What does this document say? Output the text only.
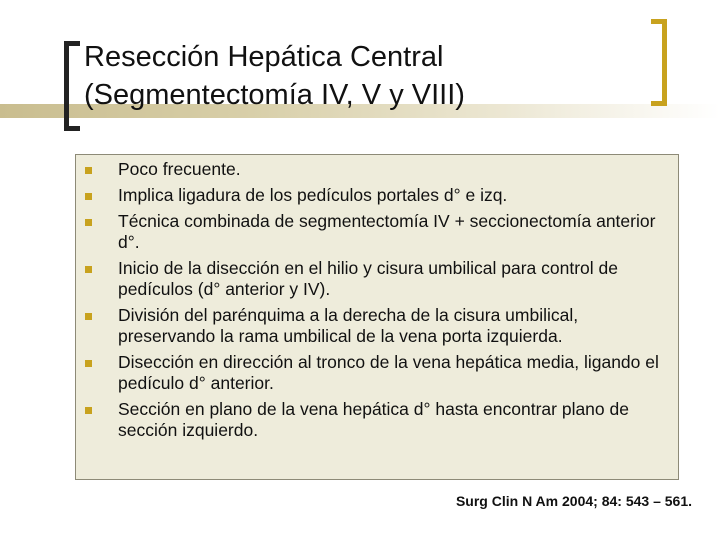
Resección Hepática Central
(Segmentectomía IV, V y VIII)
Poco frecuente.
Implica ligadura de los pedículos portales d° e izq.
Técnica combinada de segmentectomía IV + seccionectomía anterior d°.
Inicio de la disección en el hilio y cisura umbilical para control de pedículos (d° anterior y IV).
División del parénquima a la derecha de la cisura umbilical, preservando la rama umbilical de la vena porta izquierda.
Disección en dirección al tronco de la vena hepática media, ligando el pedículo d° anterior.
Sección en plano de la vena hepática d° hasta encontrar plano de sección izquierdo.
Surg Clin N Am 2004; 84: 543 – 561.
